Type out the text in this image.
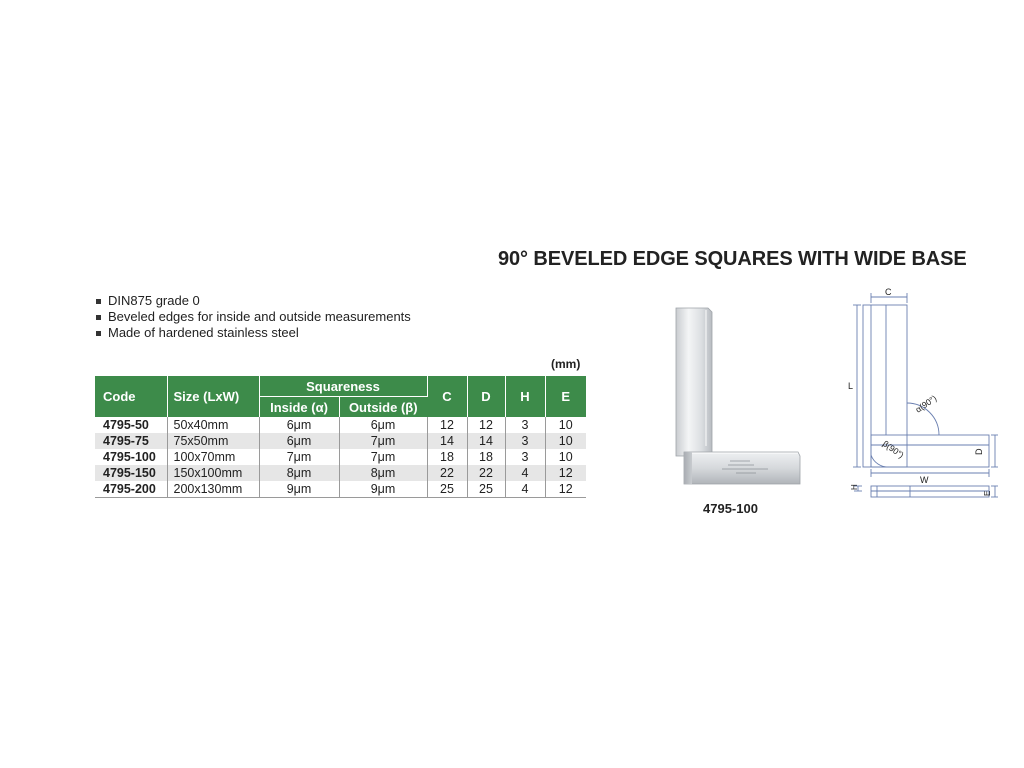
90° BEVELED EDGE SQUARES WITH WIDE BASE
DIN875 grade 0
Beveled edges for inside and outside measurements
Made of hardened stainless steel
(mm)
Code	Size (LxW)	Squareness		C	D	H	E
		Inside (α)	Outside (β)				
4795-50	50x40mm	6μm	6μm	12	12	3	10
4795-75	75x50mm	6μm	7μm	14	14	3	10
4795-100	100x70mm	7μm	7μm	18	18	3	10
4795-150	150x100mm	8μm	8μm	22	22	4	12
4795-200	200x130mm	9μm	9μm	25	25	4	12
4795-100
C
L
α(90°)
β(90°)	D
W
H
E
